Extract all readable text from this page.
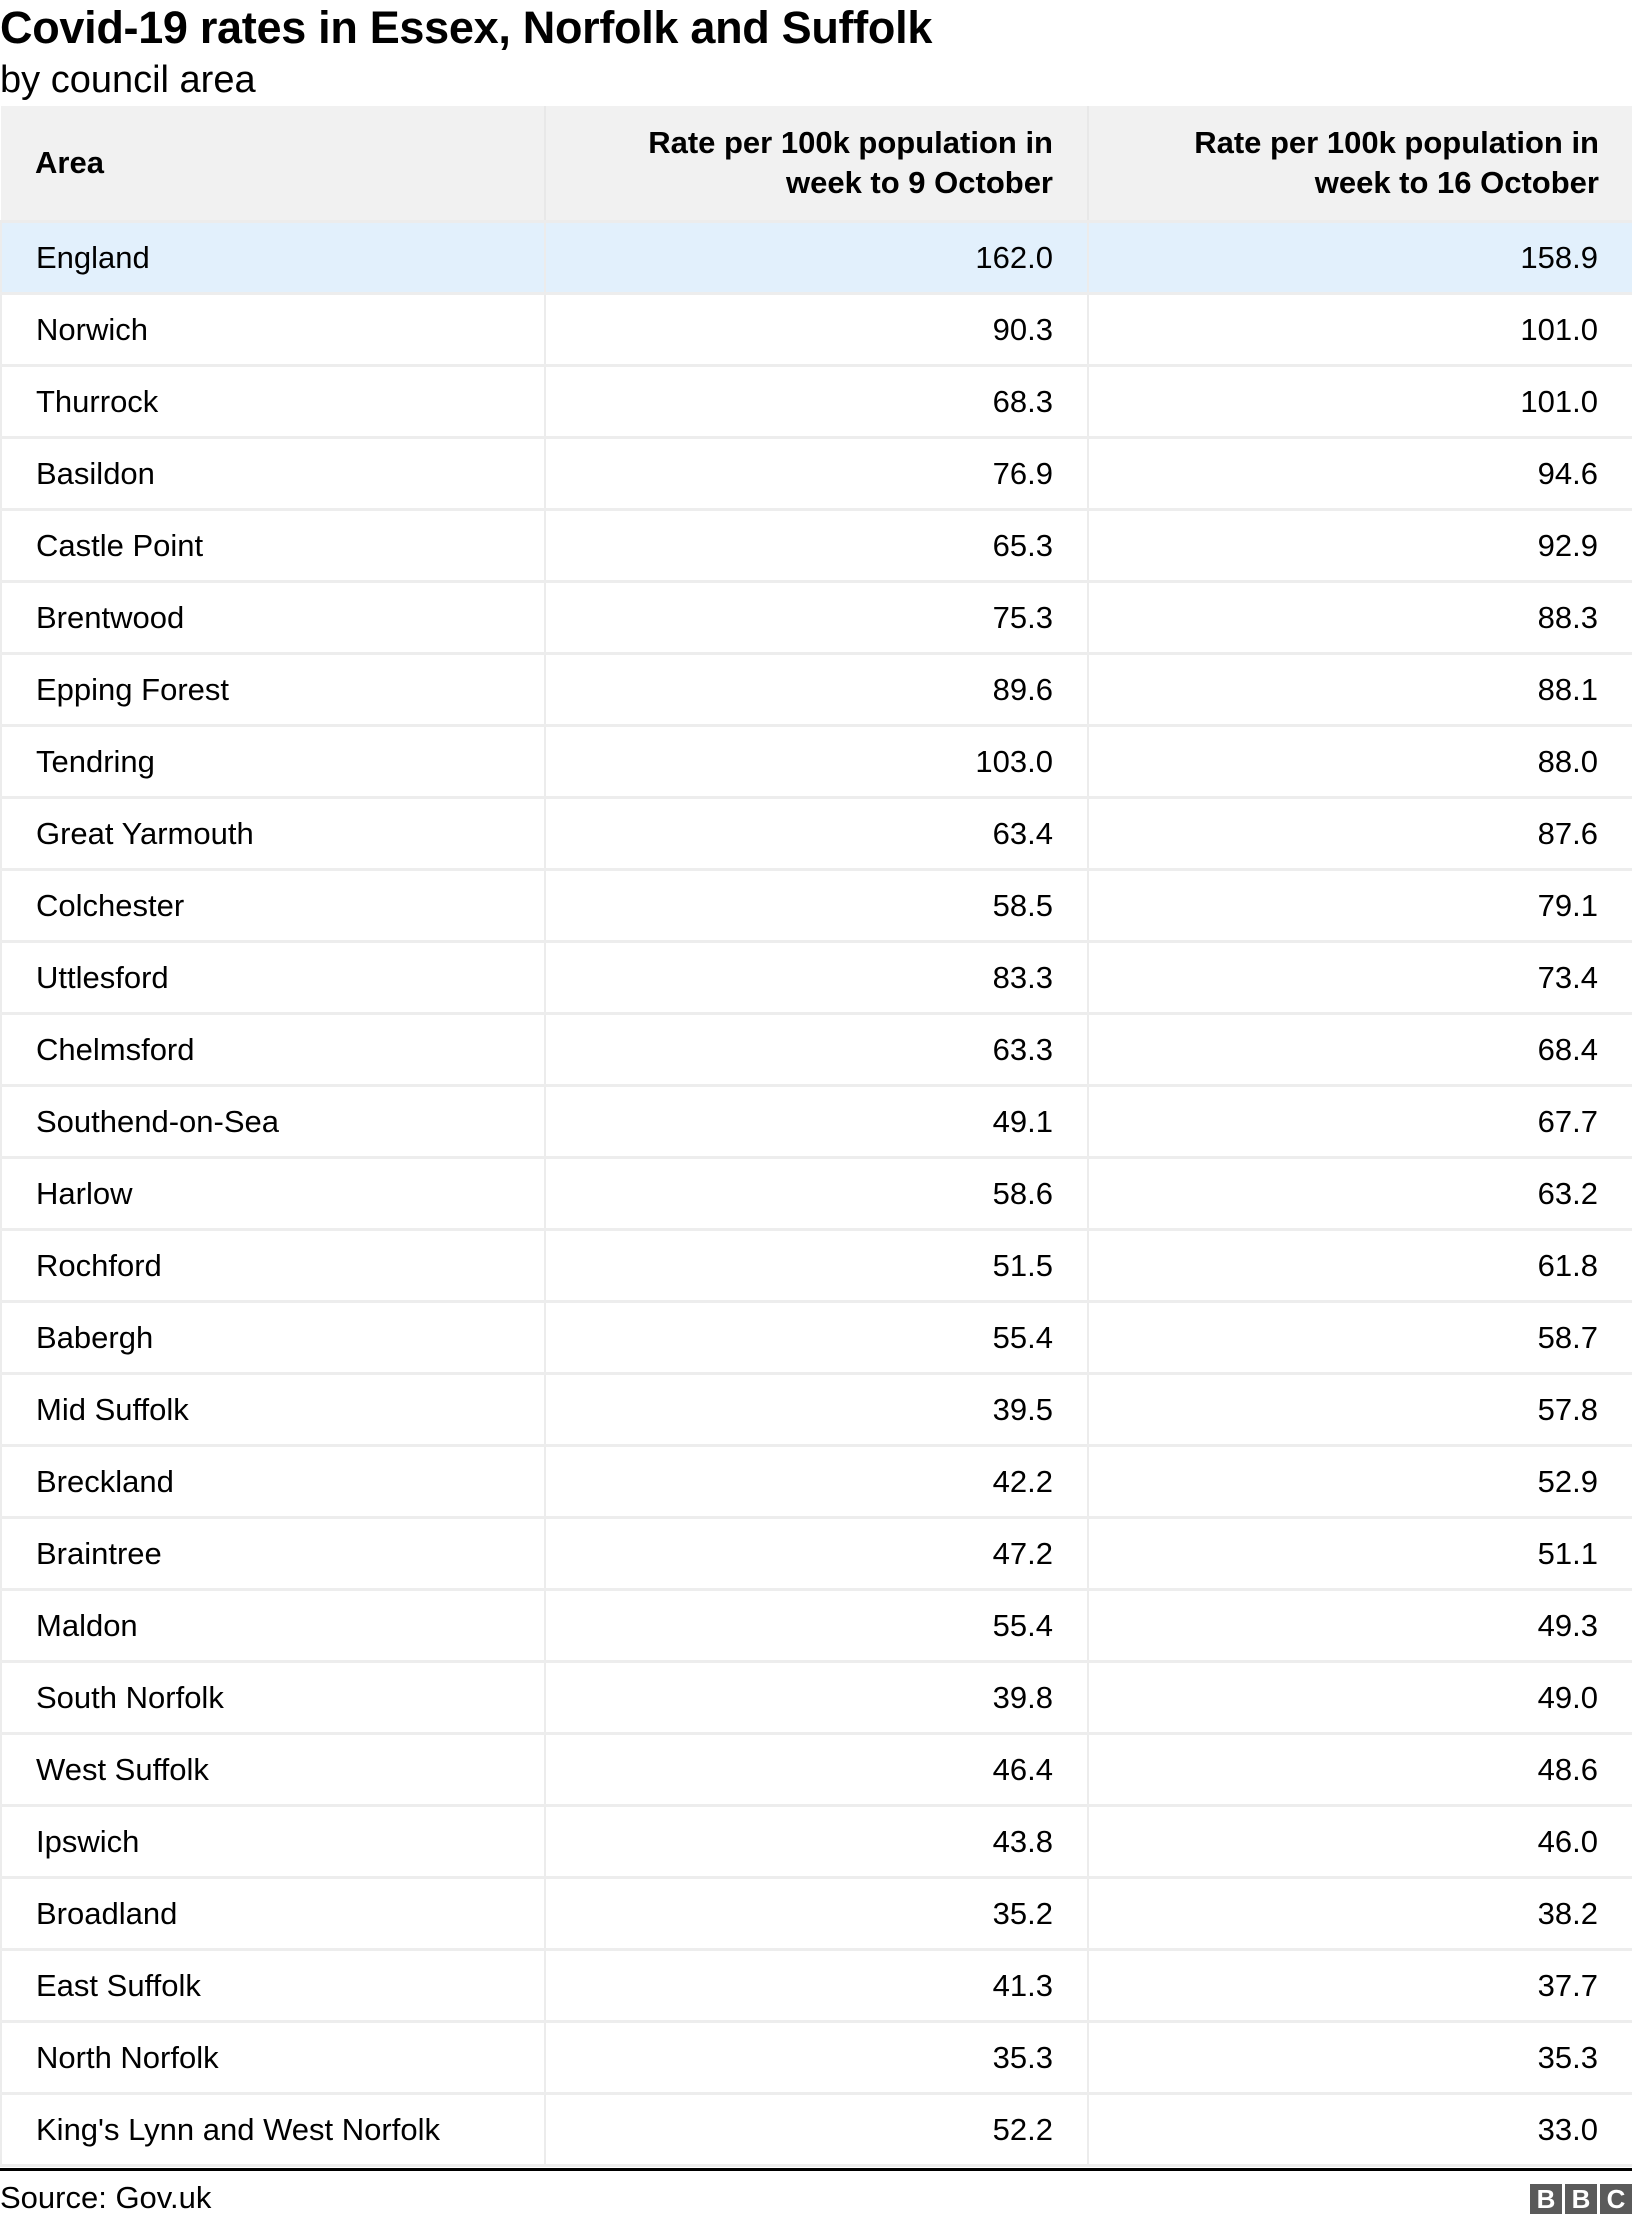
Covid-19 rates in Essex, Norfolk and Suffolk
by council area
Area	Rate per 100k population in week to 9 October	Rate per 100k population in week to 16 October
England	162.0	158.9
Norwich	90.3	101.0
Thurrock	68.3	101.0
Basildon	76.9	94.6
Castle Point	65.3	92.9
Brentwood	75.3	88.3
Epping Forest	89.6	88.1
Tendring	103.0	88.0
Great Yarmouth	63.4	87.6
Colchester	58.5	79.1
Uttlesford	83.3	73.4
Chelmsford	63.3	68.4
Southend-on-Sea	49.1	67.7
Harlow	58.6	63.2
Rochford	51.5	61.8
Babergh	55.4	58.7
Mid Suffolk	39.5	57.8
Breckland	42.2	52.9
Braintree	47.2	51.1
Maldon	55.4	49.3
South Norfolk	39.8	49.0
West Suffolk	46.4	48.6
Ipswich	43.8	46.0
Broadland	35.2	38.2
East Suffolk	41.3	37.7
North Norfolk	35.3	35.3
King's Lynn and West Norfolk	52.2	33.0
Source: Gov.uk	B B C
